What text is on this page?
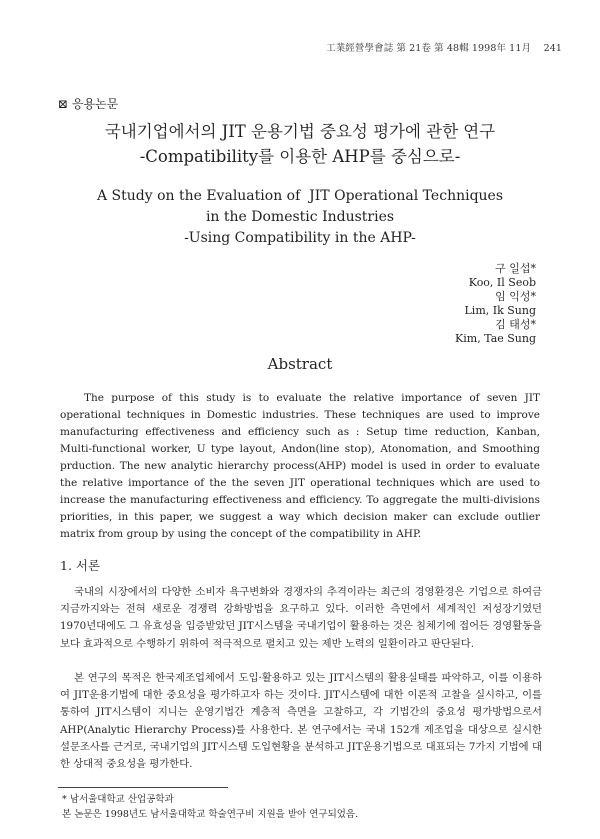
工業經營學會誌 第 21卷 第 48輯 1998年 11月 241
⊠ 응용논문
국내기업에서의 JIT 운용기법 중요성 평가에 관한 연구
-Compatibility를 이용한 AHP를 중심으로-
A Study on the Evaluation of  JIT Operational Techniques
in the Domestic Industries
-Using Compatibility in the AHP-
구 일섭*
Koo, Il Seob
임 익성*
Lim, Ik Sung
김 태성*
Kim, Tae Sung
Abstract

The purpose of this study is to evaluate the relative importance of seven JIT operational techniques in Domestic industries. These techniques are used to improve manufacturing effectiveness and efficiency such as : Setup time reduction, Kanban, Multi-functional worker, U type layout, Andon(line stop), Atonomation, and Smoothing prduction. The new analytic hierarchy process(AHP) model is used in order to evaluate the relative importance of the the seven JIT operational techniques which are used to increase the manufacturing effectiveness and efficiency. To aggregate the multi-divisions priorities, in this paper, we suggest a way which decision maker can exclude outlier matrix from group by using the concept of the compatibility in AHP.

1. 서론

국내의 시장에서의 다양한 소비자 욕구변화와 경쟁자의 추격이라는 최근의 경영환경은 기업으로 하여금 지금까지와는 전혀 새로운 경쟁력 강화방법을 요구하고 있다. 이러한 측면에서 세계적인 저성장기였던 1970년대에도 그 유효성을 입증받았던 JIT시스템을 국내기업이 활용하는 것은 침체기에 접어든 경영활동을 보다 효과적으로 수행하기 위하여 적극적으로 펼치고 있는 제반 노력의 일환이라고 판단된다.

본 연구의 목적은 한국제조업체에서 도입·활용하고 있는 JIT시스템의 활용실태를 파악하고, 이를 이용하여 JIT운용기법에 대한 중요성을 평가하고자 하는 것이다. JIT시스템에 대한 이론적 고찰을 실시하고, 이를 통하여 JIT시스템이 지니는 운영기법간 계층적 측면을 고찰하고, 각 기법간의 중요성 평가방법으로서 AHP(Analytic Hierarchy Process)를 사용한다. 본 연구에서는 국내 152개 제조업을 대상으로 실시한 설문조사를 근거로, 국내기업의 JIT시스템 도입현황을 분석하고 JIT운용기법으로 대표되는 7가지 기법에 대한 상대적 중요성을 평가한다.

* 남서울대학교 산업공학과
본 논문은 1998년도 남서울대학교 학술연구비 지원을 받아 연구되었음.
